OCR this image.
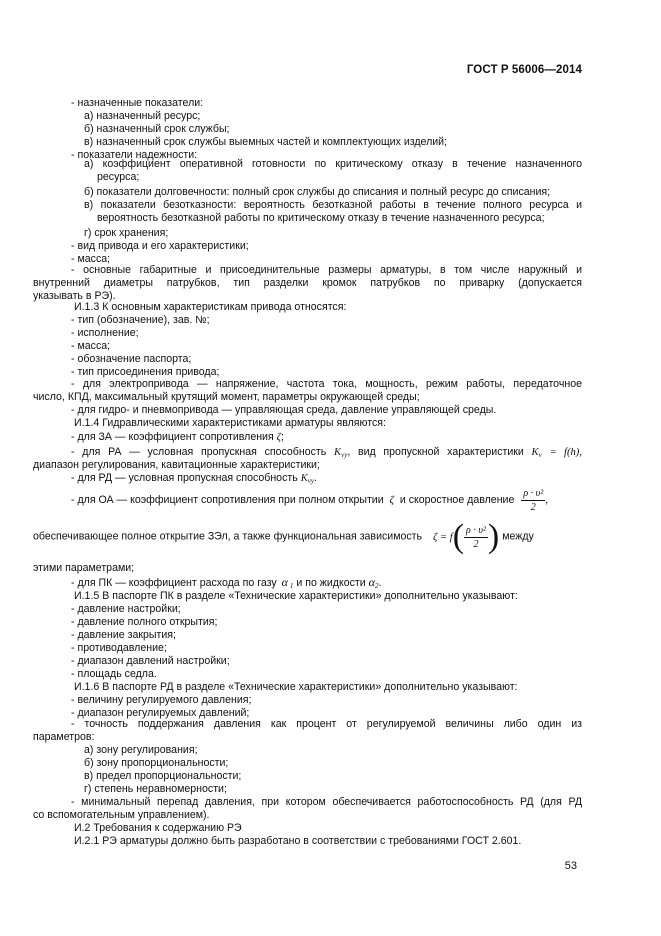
ГОСТ Р 56006—2014
- назначенные показатели:
а) назначенный ресурс;
б) назначенный срок службы;
в) назначенный срок службы выемных частей и комплектующих изделий;
- показатели надежности:
а) коэффициент оперативной готовности по критическому отказу в течение назначенного
ресурса;
б) показатели долговечности: полный срок службы до списания и полный ресурс до списания;
в) показатели безотказности: вероятность безотказной работы в течение полного ресурса и
вероятность безотказной работы по критическому отказу в течение назначенного ресурса;
г) срок хранения;
- вид привода и его характеристики;
- масса;
- основные габаритные и присоединительные размеры арматуры, в том числе наружный и
внутренний диаметры патрубков, тип разделки кромок патрубков по приварку (допускается
указывать в РЭ).
И.1.3 К основным характеристикам привода относятся:
- тип (обозначение), зав. №;
- исполнение;
- масса;
- обозначение паспорта;
- тип присоединения привода;
- для электропривода — напряжение, частота тока, мощность, режим работы, передаточное
число, КПД, максимальный крутящий момент, параметры окружающей среды;
- для гидро- и пневмопривода — управляющая среда, давление управляющей среды.
И.1.4 Гидравлическими характеристиками арматуры являются:
- для ЗА — коэффициент сопротивления ζ;
- для РА — условная пропускная способность $K_{vy}$, вид пропускной характеристики $K_v = f(h)$,
диапазон регулирования, кавитационные характеристики;
- для РД — условная пропускная способность $K_{vy}$.
- для ОА — коэффициент сопротивления при полном открытии ζ и скоростное давление $\frac{\text{ρ · υ²}}{2}$ ,
обеспечивающее полное открытие ЗЭл, а также функциональная зависимость $\zeta = f( \frac{\text{ρ · υ²}}{2}$ ) между
этими параметрами;
- для ПК — коэффициент расхода по газу α $_1$ и по жидкости $\alpha_2$.
И.1.5 В паспорте ПК в разделе «Технические характеристики» дополнительно указывают:
- давление настройки;
- давление полного открытия;
- давление закрытия;
- противодавление;
- диапазон давлений настройки;
- площадь седла.
И.1.6 В паспорте РД в разделе «Технические характеристики» дополнительно указывают:
- величину регулируемого давления;
- диапазон регулируемых давлений;
- точность поддержания давления как процент от регулируемой величины либо один из
параметров:
а) зону регулирования;
б) зону пропорциональности;
в) предел пропорциональности;
г) степень неравномерности;
- минимальный перепад давления, при котором обеспечивается работоспособность РД (для РД
со вспомогательным управлением).
И.2 Требования к содержанию РЭ
И.2.1 РЭ арматуры должно быть разработано в соответствии с требованиями ГОСТ 2.601.
53
